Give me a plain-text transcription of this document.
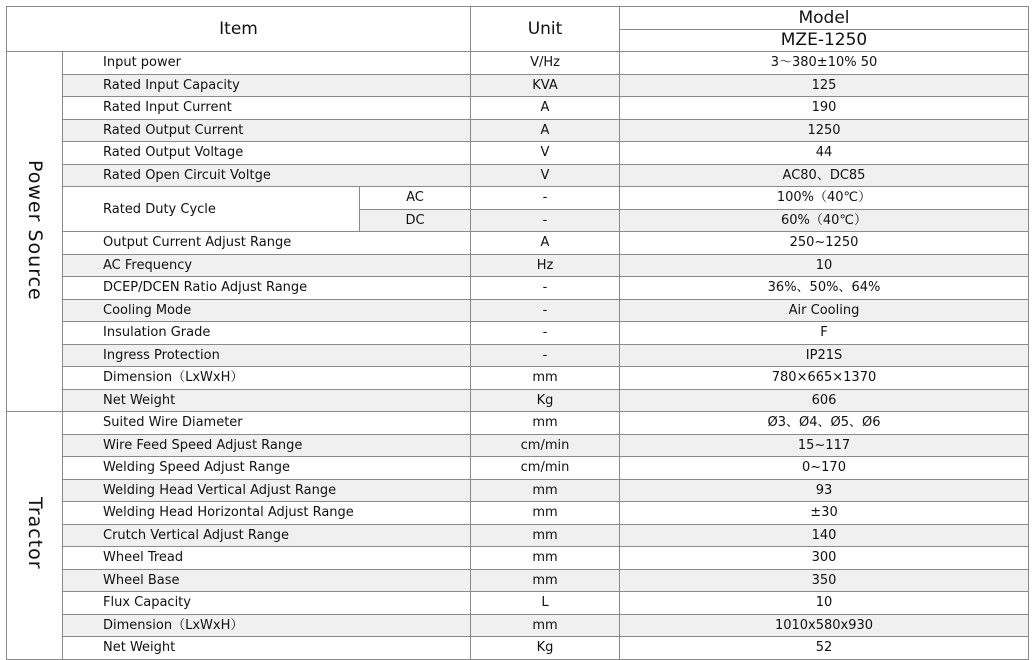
Item			Unit	Model
				MZE-1250
Power Source	Input power		V/Hz	3～380±10% 50
	Rated Input Capacity		KVA	125
	Rated Input Current		A	190
	Rated Output Current		A	1250
	Rated Output Voltage		V	44
	Rated Open Circuit Voltge		V	AC80、DC85
	Rated Duty Cycle	AC	-	100%（40℃）
		DC	-	60%（40℃）
	Output Current Adjust Range		A	250~1250
	AC Frequency		Hz	10
	DCEP/DCEN Ratio Adjust Range		-	36%、50%、64%
	Cooling Mode		-	Air Cooling
	Insulation Grade		-	F
	Ingress Protection		-	IP21S
	Dimension（LxWxH）		mm	780×665×1370
	Net Weight		Kg	606
Tractor	Suited Wire Diameter		mm	Ø3、Ø4、Ø5、Ø6
	Wire Feed Speed Adjust Range		cm/min	15~117
	Welding Speed Adjust Range		cm/min	0~170
	Welding Head Vertical Adjust Range		mm	93
	Welding Head Horizontal Adjust Range		mm	±30
	Crutch Vertical Adjust Range		mm	140
	Wheel Tread		mm	300
	Wheel Base		mm	350
	Flux Capacity		L	10
	Dimension（LxWxH）		mm	1010x580x930
	Net Weight		Kg	52
